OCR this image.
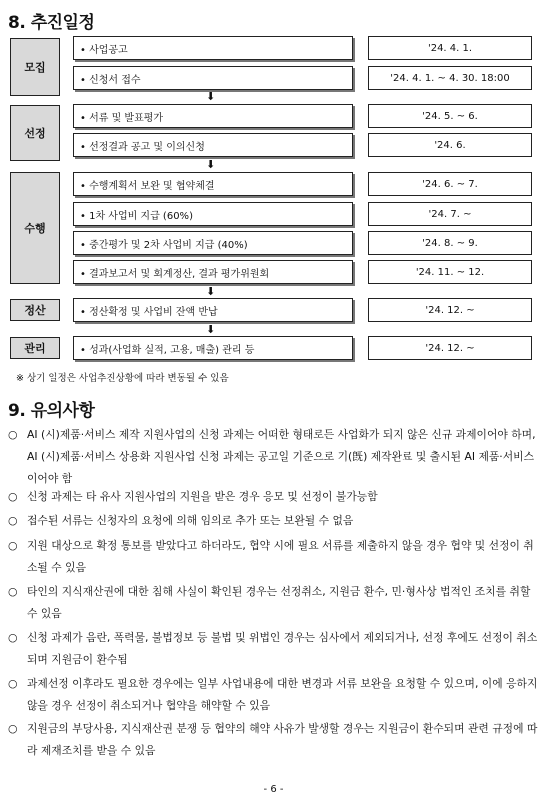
8. 추진일정
모집
• 사업공고	'24. 4. 1.
• 신청서 접수	'24. 4. 1. ~ 4. 30. 18:00
⬇
선정
• 서류 및 발표평가	'24. 5. ~ 6.
• 선정결과 공고 및 이의신청	'24. 6.
⬇
수행
• 수행계획서 보완 및 협약체결	'24. 6. ~ 7.
• 1차 사업비 지급 (60%)	'24. 7. ~
• 중간평가 및 2차 사업비 지급 (40%)	'24. 8. ~ 9.
• 결과보고서 및 회계정산, 결과 평가위원회	'24. 11. ~ 12.
⬇
정산	• 정산확정 및 사업비 잔액 반납	'24. 12. ~
⬇
관리	• 성과(사업화 실적, 고용, 매출) 관리 등	'24. 12. ~
※ 상기 일정은 사업추진상황에 따라 변동될 수 있음
9. 유의사항
○ AI (시)제품·서비스 제작 지원사업의 신청 과제는 어떠한 형태로든 사업화가 되지 않은 신규 과제이어야 하며, AI (시)제품·서비스 상용화 지원사업 신청 과제는 공고일 기준으로 기(旣) 제작완료 및 출시된 AI 제품·서비스이어야 함
○ 신청 과제는 타 유사 지원사업의 지원을 받은 경우 응모 및 선정이 불가능함
○ 접수된 서류는 신청자의 요청에 의해 임의로 추가 또는 보완될 수 없음
○ 지원 대상으로 확정 통보를 받았다고 하더라도, 협약 시에 필요 서류를 제출하지 않을 경우 협약 및 선정이 취소될 수 있음
○ 타인의 지식재산권에 대한 침해 사실이 확인된 경우는 선정취소, 지원금 환수, 민·형사상 법적인 조치를 취할 수 있음
○ 신청 과제가 음란, 폭력물, 불법정보 등 불법 및 위법인 경우는 심사에서 제외되거나, 선정 후에도 선정이 취소되며 지원금이 환수됨
○ 과제선정 이후라도 필요한 경우에는 일부 사업내용에 대한 변경과 서류 보완을 요청할 수 있으며, 이에 응하지 않을 경우 선정이 취소되거나 협약을 해약할 수 있음
○ 지원금의 부당사용, 지식재산권 분쟁 등 협약의 해약 사유가 발생할 경우는 지원금이 환수되며 관련 규정에 따라 제재조치를 받을 수 있음
- 6 -
